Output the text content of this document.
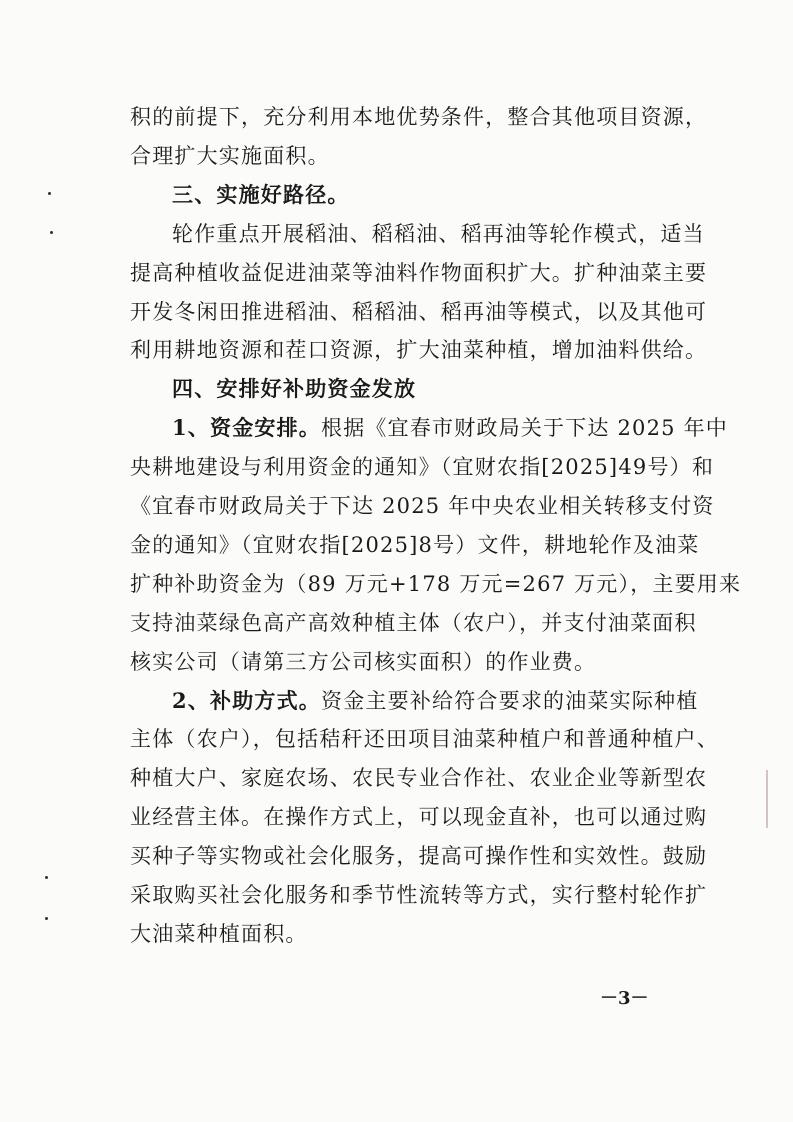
积的前提下，充分利用本地优势条件，整合其他项目资源，
合理扩大实施面积。
三、实施好路径。
轮作重点开展稻油、稻稻油、稻再油等轮作模式，适当
提高种植收益促进油菜等油料作物面积扩大。扩种油菜主要
开发冬闲田推进稻油、稻稻油、稻再油等模式，以及其他可
利用耕地资源和茬口资源，扩大油菜种植，增加油料供给。
四、安排好补助资金发放
1、资金安排。根据《宜春市财政局关于下达 2025 年中
央耕地建设与利用资金的通知》（宜财农指[2025]49号）和
《宜春市财政局关于下达 2025 年中央农业相关转移支付资
金的通知》（宜财农指[2025]8号）文件，耕地轮作及油菜
扩种补助资金为（89 万元+178 万元=267 万元），主要用来
支持油菜绿色高产高效种植主体（农户），并支付油菜面积
核实公司（请第三方公司核实面积）的作业费。
2、补助方式。资金主要补给符合要求的油菜实际种植
主体（农户），包括秸秆还田项目油菜种植户和普通种植户、
种植大户、家庭农场、农民专业合作社、农业企业等新型农
业经营主体。在操作方式上，可以现金直补，也可以通过购
买种子等实物或社会化服务，提高可操作性和实效性。鼓励
采取购买社会化服务和季节性流转等方式，实行整村轮作扩
大油菜种植面积。
－3－
